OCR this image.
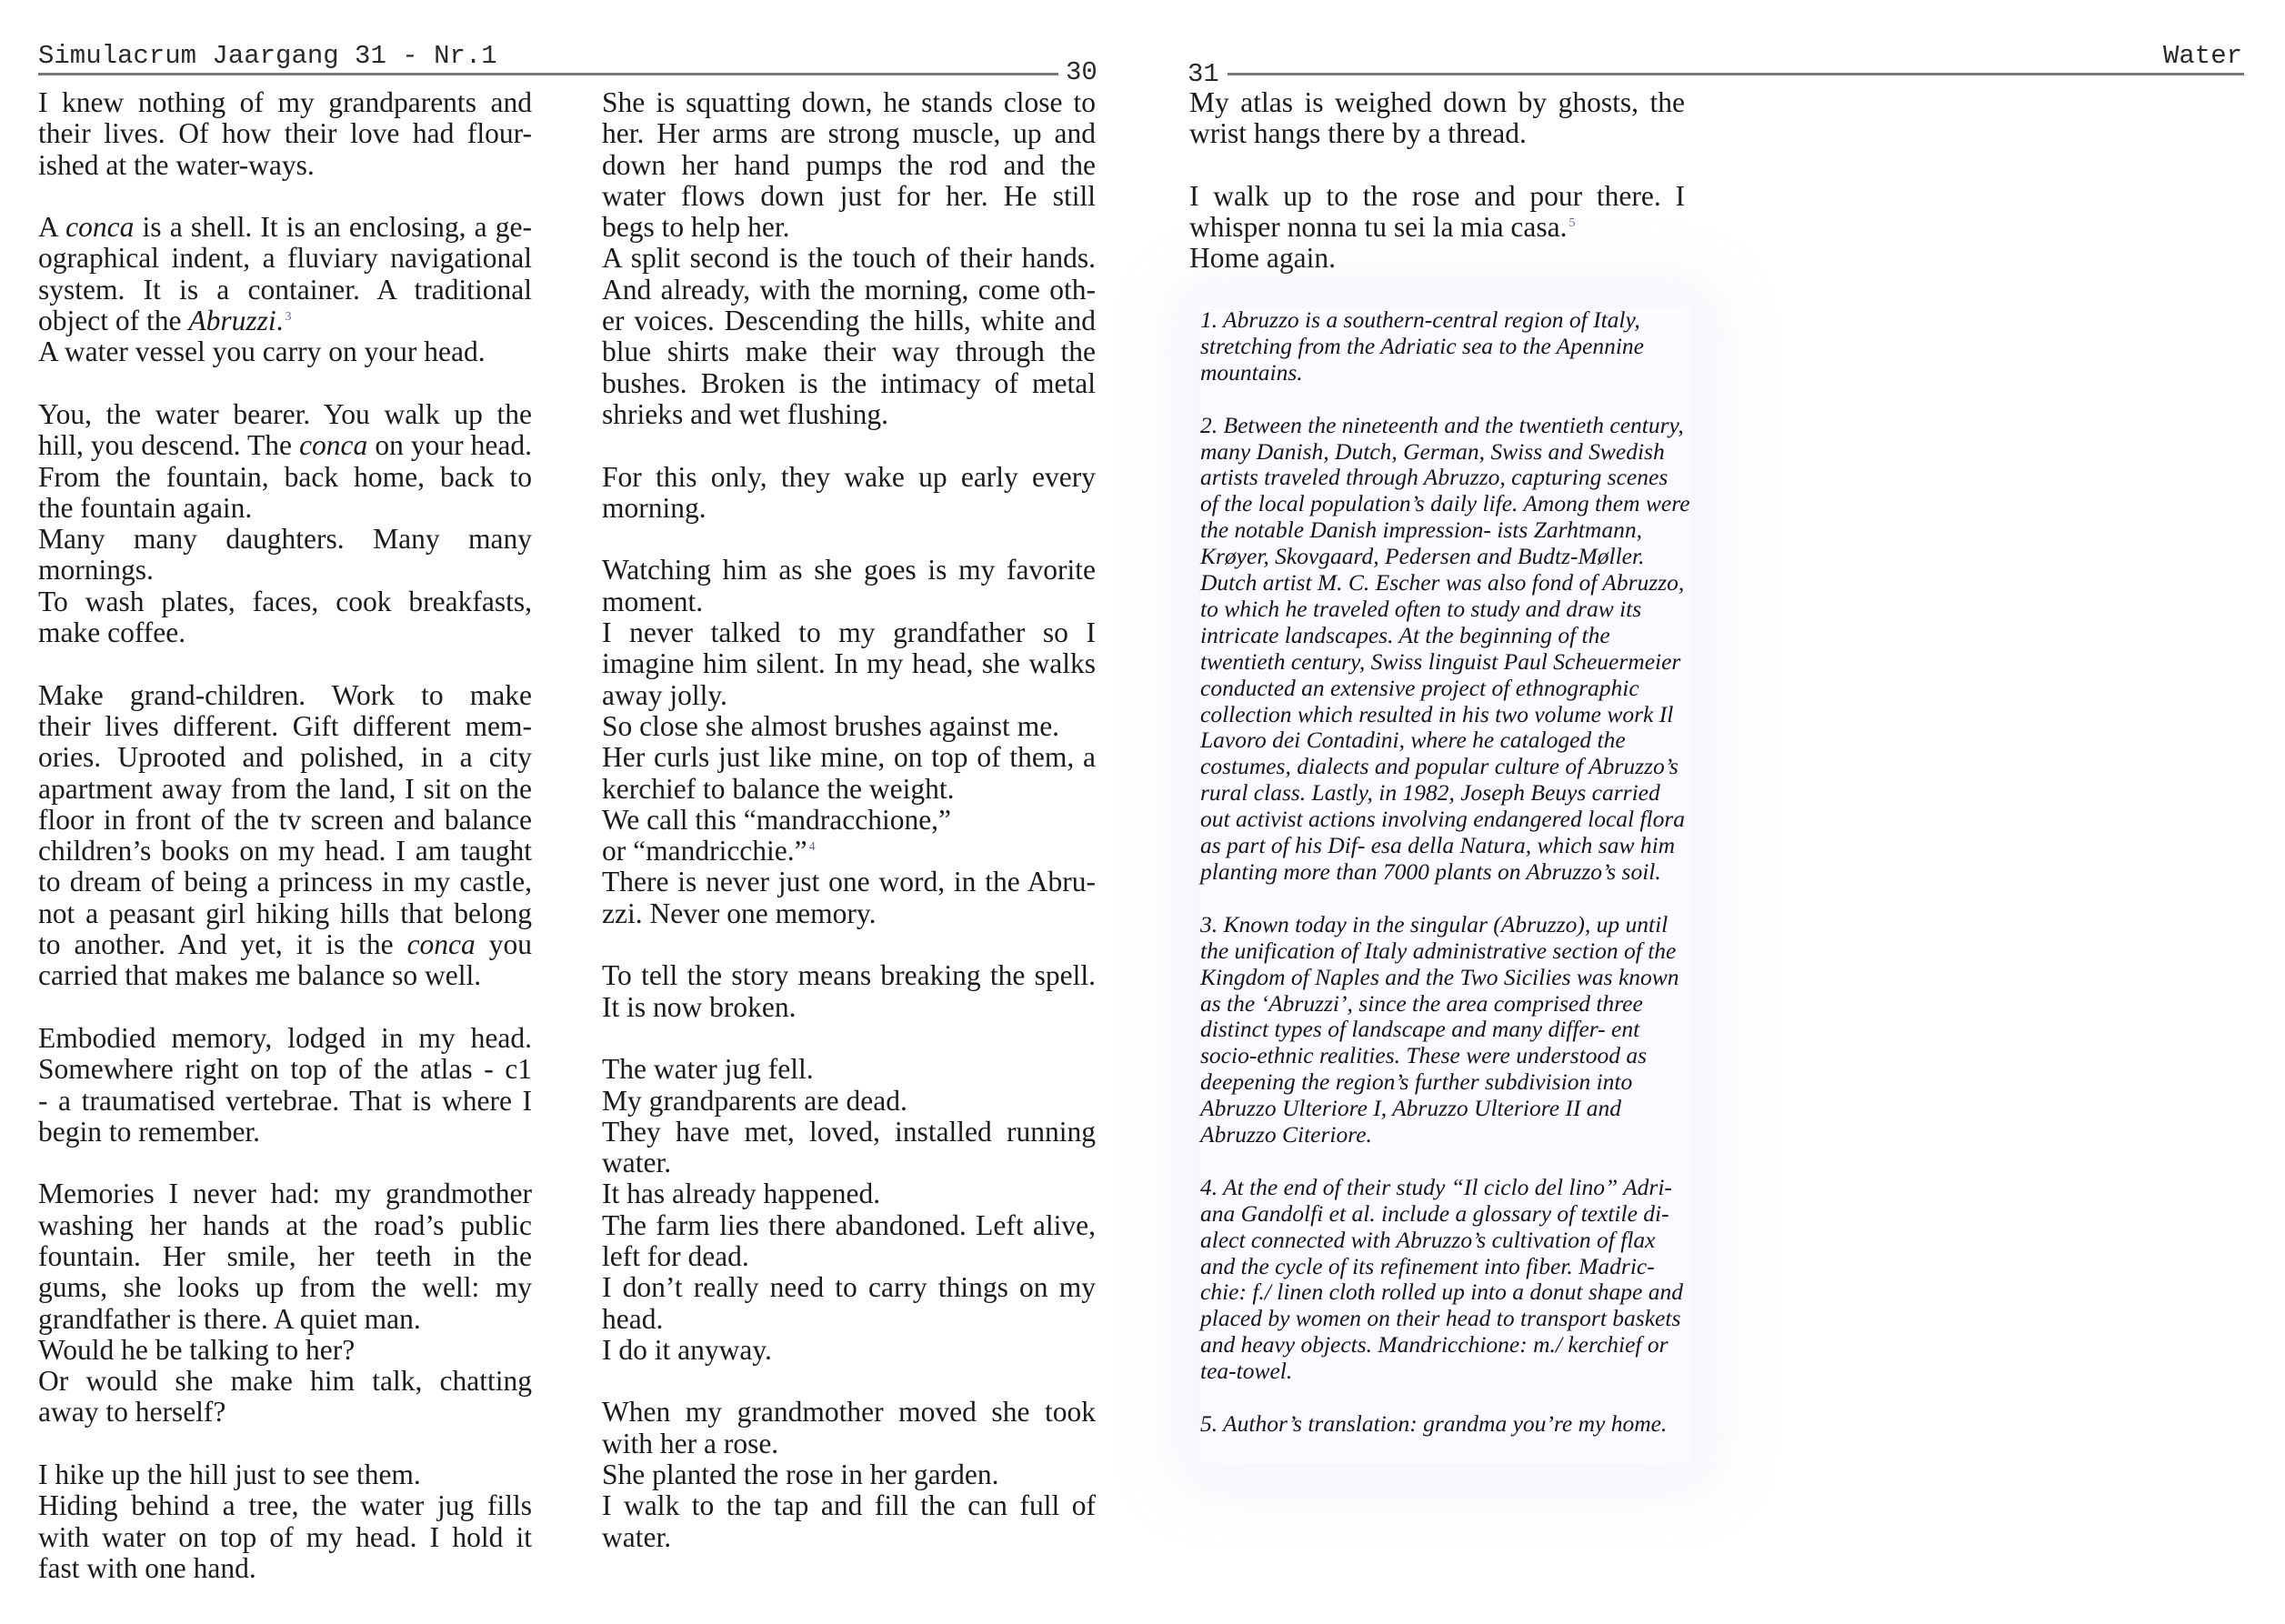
Simulacrum Jaargang 31 - Nr.1
30	31
Water

I knew nothing of my grandparents and
their lives. Of how their love had flour-
ished at the water-ways.

A conca is a shell. It is an enclosing, a ge-
ographical indent, a fluviary navigational
system. It is a container. A traditional
object of the Abruzzi. $^3$
A water vessel you carry on your head.

You, the water bearer. You walk up the
hill, you descend. The conca on your head.
From the fountain, back home, back to
the fountain again.
Many many daughters. Many many
mornings.
To wash plates, faces, cook breakfasts,
make coffee.

Make grand-children. Work to make
their lives different. Gift different mem-
ories. Uprooted and polished, in a city
apartment away from the land, I sit on the
floor in front of the tv screen and balance
children’s books on my head. I am taught
to dream of being a princess in my castle,
not a peasant girl hiking hills that belong
to another. And yet, it is the conca you
carried that makes me balance so well.

Embodied memory, lodged in my head.
Somewhere right on top of the atlas - c1
- a traumatised vertebrae. That is where I
begin to remember.

Memories I never had: my grandmother
washing her hands at the road’s public
fountain. Her smile, her teeth in the
gums, she looks up from the well: my
grandfather is there. A quiet man.
Would he be talking to her?
Or would she make him talk, chatting
away to herself?

I hike up the hill just to see them.
Hiding behind a tree, the water jug fills
with water on top of my head. I hold it
fast with one hand.

She is squatting down, he stands close to
her. Her arms are strong muscle, up and
down her hand pumps the rod and the
water flows down just for her. He still
begs to help her.
A split second is the touch of their hands.
And already, with the morning, come oth-
er voices. Descending the hills, white and
blue shirts make their way through the
bushes. Broken is the intimacy of metal
shrieks and wet flushing.

For this only, they wake up early every
morning.

Watching him as she goes is my favorite
moment.
I never talked to my grandfather so I
imagine him silent. In my head, she walks
away jolly.
So close she almost brushes against me.
Her curls just like mine, on top of them, a
kerchief to balance the weight.
We call this “mandracchione,”
or “mandricchie.” $^4$
There is never just one word, in the Abru-
zzi. Never one memory.

To tell the story means breaking the spell.
It is now broken.

The water jug fell.
My grandparents are dead.
They have met, loved, installed running
water.
It has already happened.
The farm lies there abandoned. Left alive,
left for dead.
I don’t really need to carry things on my
head.
I do it anyway.

When my grandmother moved she took
with her a rose.
She planted the rose in her garden.
I walk to the tap and fill the can full of
water.

My atlas is weighed down by ghosts, the
wrist hangs there by a thread.

I walk up to the rose and pour there. I
whisper nonna tu sei la mia casa. $^5$
Home again.

1. Abruzzo is a southern-central region of Italy, stretching from the Adriatic sea to the Apennine mountains.

2. Between the nineteenth and the twentieth century, many Danish, Dutch, German, Swiss and Swedish artists traveled through Abruzzo, capturing scenes of the local population’s daily life. Among them were the notable Danish impression- ists Zarhtmann, Krøyer, Skovgaard, Pedersen and Budtz-Møller. Dutch artist M. C. Escher was also fond of Abruzzo, to which he traveled often to study and draw its intricate landscapes. At the beginning of the twentieth century, Swiss linguist Paul Scheuermeier conducted an extensive project of ethnographic collection which resulted in his two volume work Il Lavoro dei Contadini, where he cataloged the costumes, dialects and popular culture of Abruzzo’s rural class. Lastly, in 1982, Joseph Beuys carried out activist actions involving endangered local flora as part of his Dif- esa della Natura, which saw him planting more than 7000 plants on Abruzzo’s soil.

3. Known today in the singular (Abruzzo), up until the unification of Italy administrative section of the Kingdom of Naples and the Two Sicilies was known as the ‘Abruzzi’, since the area comprised three distinct types of landscape and many differ- ent socio-ethnic realities. These were understood as deepening the region’s further subdivision into Abruzzo Ulteriore I, Abruzzo Ulteriore II and Abruzzo Citeriore.

4. At the end of their study “Il ciclo del lino” Adri- ana Gandolfi et al. include a glossary of textile di- alect connected with Abruzzo’s cultivation of flax and the cycle of its refinement into fiber. Madric- chie: f./ linen cloth rolled up into a donut shape and placed by women on their head to transport baskets and heavy objects. Mandricchione: m./ kerchief or tea-towel.

5. Author’s translation: grandma you’re my home.
